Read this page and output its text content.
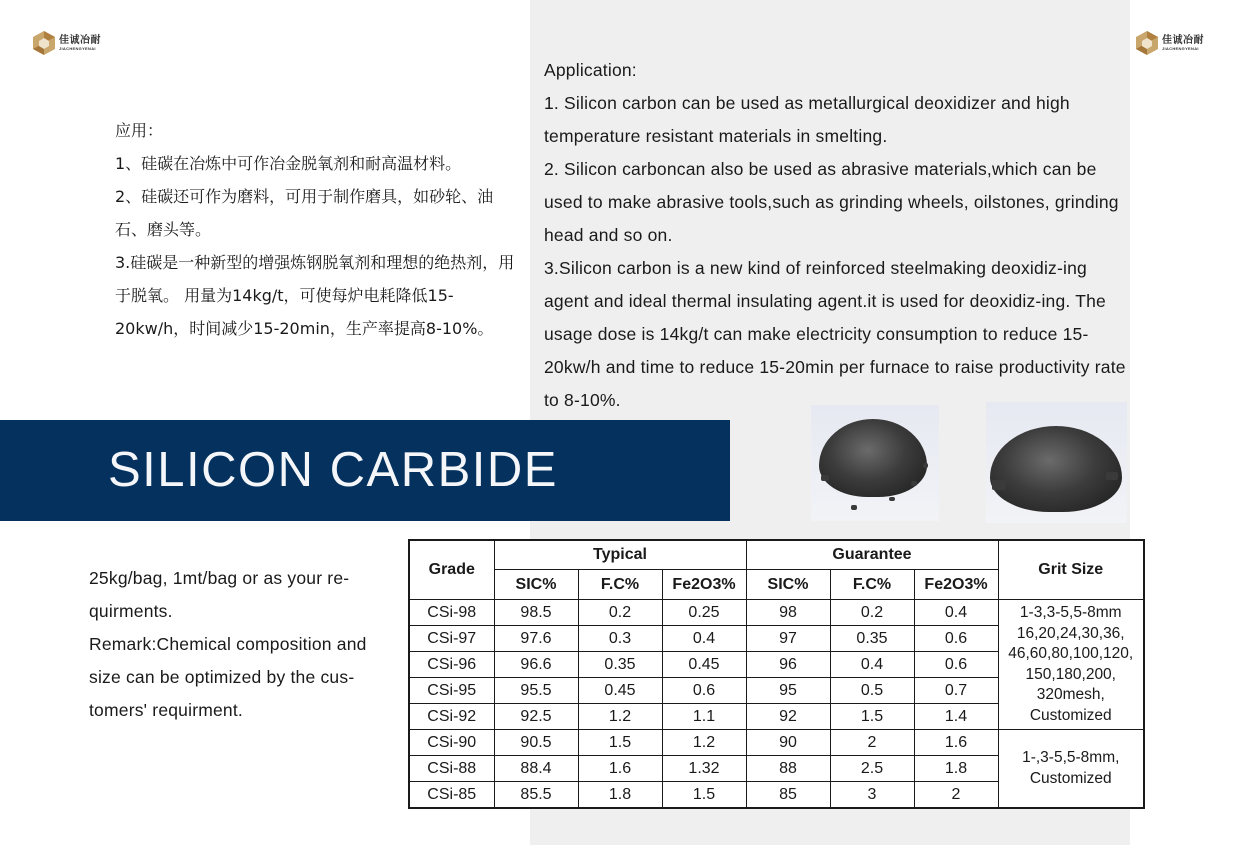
佳诚冶耐
JIACHENGYENAI
佳诚冶耐
JIACHENGYENAI

应用：

1、硅碳在冶炼中可作冶金脱氧剂和耐高温材料。

2、硅碳还可作为磨料，可用于制作磨具，如砂轮、油石、磨头等。

3.硅碳是一种新型的增强炼钢脱氧剂和理想的绝热剂，用于脱氧。 用量为14kg/t，可使每炉电耗降低15-20kw/h，时间减少15-20min，生产率提高8-10%。

Application:

1. Silicon carbon can be used as metallurgical deoxidizer and high temperature resistant materials in smelting.

2. Silicon carboncan also be used as abrasive materials,which can be used to make abrasive tools,such as grinding wheels, oilstones, grinding head and so on.

3.Silicon carbon is a new kind of reinforced steelmaking deoxidiz-ing agent and ideal thermal insulating agent.it is used for deoxidiz-ing. The usage dose is 14kg/t can make electricity consumption to reduce 15-20kw/h and time to reduce 15-20min per furnace to raise productivity rate to 8-10%.

SILICON CARBIDE

25kg/bag, 1mt/bag or as your re-quirments.

Remark:Chemical composition and size can be optimized by the cus-tomers' requirment.

Grade	Typical			Guarantee			Grit Size
	SIC%	F.C%	Fe2O3%	SIC%	F.C%	Fe2O3%	
CSi-98	98.5	0.2	0.25	98	0.2	0.4	1-3,3-5,5-8mm
16,20,24,30,36,
46,60,80,100,120,
150,180,200,
320mesh,
Customized

CSi-97	97.6	0.3	0.4	97	0.35	0.6	
CSi-96	96.6	0.35	0.45	96	0.4	0.6	
CSi-95	95.5	0.45	0.6	95	0.5	0.7	
CSi-92	92.5	1.2	1.1	92	1.5	1.4	
CSi-90	90.5	1.5	1.2	90	2	1.6	1-,3-5,5-8mm,
Customized

CSi-88	88.4	1.6	1.32	88	2.5	1.8	
CSi-85	85.5	1.8	1.5	85	3	2	
